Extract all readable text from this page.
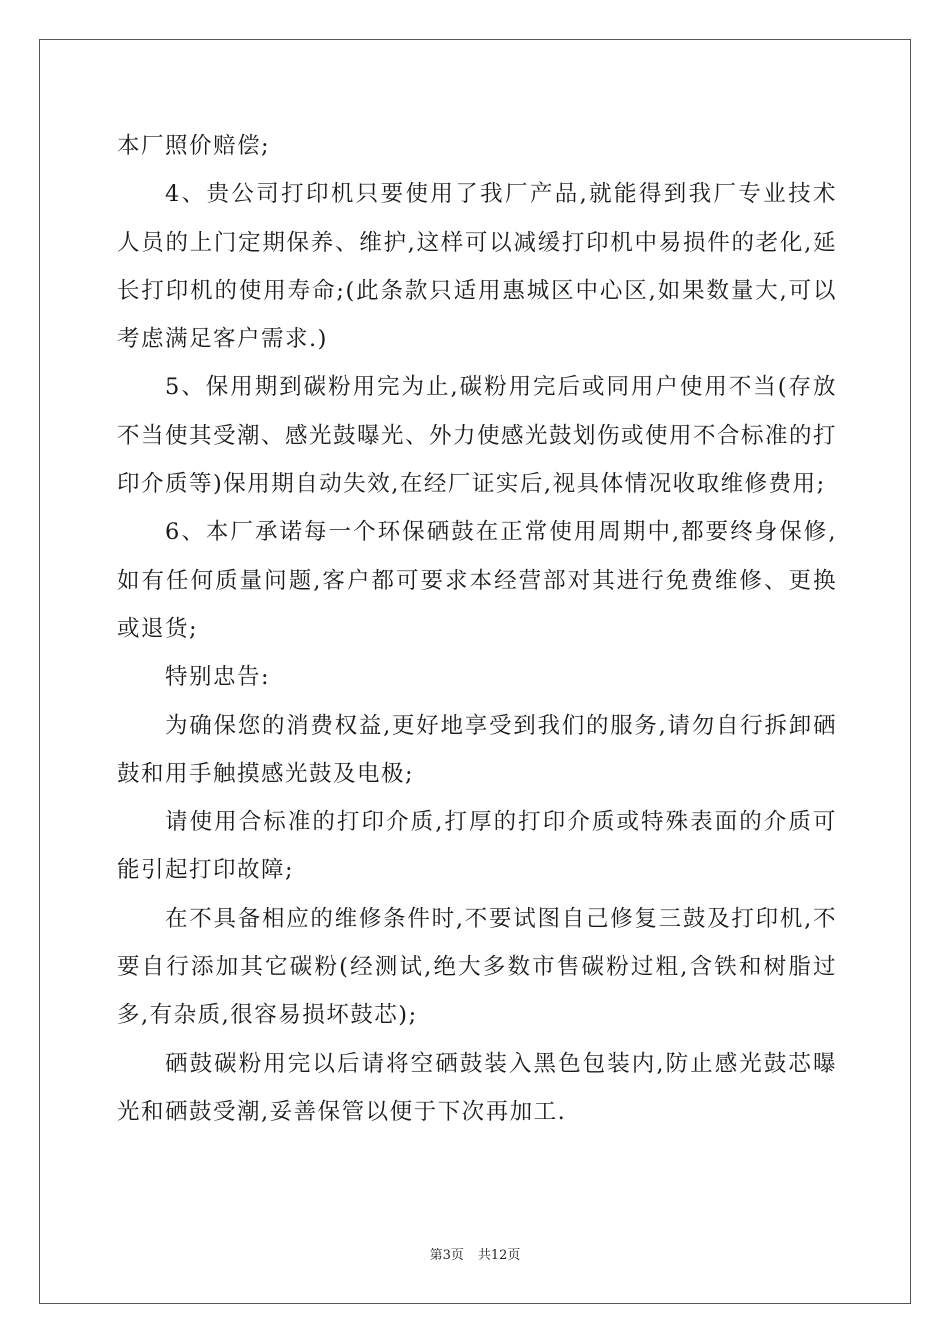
本厂照价赔偿;

4、贵公司打印机只要使用了我厂产品,就能得到我厂专业技术人员的上门定期保养、维护,这样可以减缓打印机中易损件的老化,延长打印机的使用寿命;(此条款只适用惠城区中心区,如果数量大,可以考虑满足客户需求.)

5、保用期到碳粉用完为止,碳粉用完后或同用户使用不当(存放不当使其受潮、感光鼓曝光、外力使感光鼓划伤或使用不合标准的打印介质等)保用期自动失效,在经厂证实后,视具体情况收取维修费用;

6、本厂承诺每一个环保硒鼓在正常使用周期中,都要终身保修,如有任何质量问题,客户都可要求本经营部对其进行免费维修、更换或退货;

特别忠告:

为确保您的消费权益,更好地享受到我们的服务,请勿自行拆卸硒鼓和用手触摸感光鼓及电极;

请使用合标准的打印介质,打厚的打印介质或特殊表面的介质可能引起打印故障;

在不具备相应的维修条件时,不要试图自己修复三鼓及打印机,不要自行添加其它碳粉(经测试,绝大多数市售碳粉过粗,含铁和树脂过多,有杂质,很容易损坏鼓芯);

硒鼓碳粉用完以后请将空硒鼓装入黑色包装内,防止感光鼓芯曝光和硒鼓受潮,妥善保管以便于下次再加工.

第3页 共12页
